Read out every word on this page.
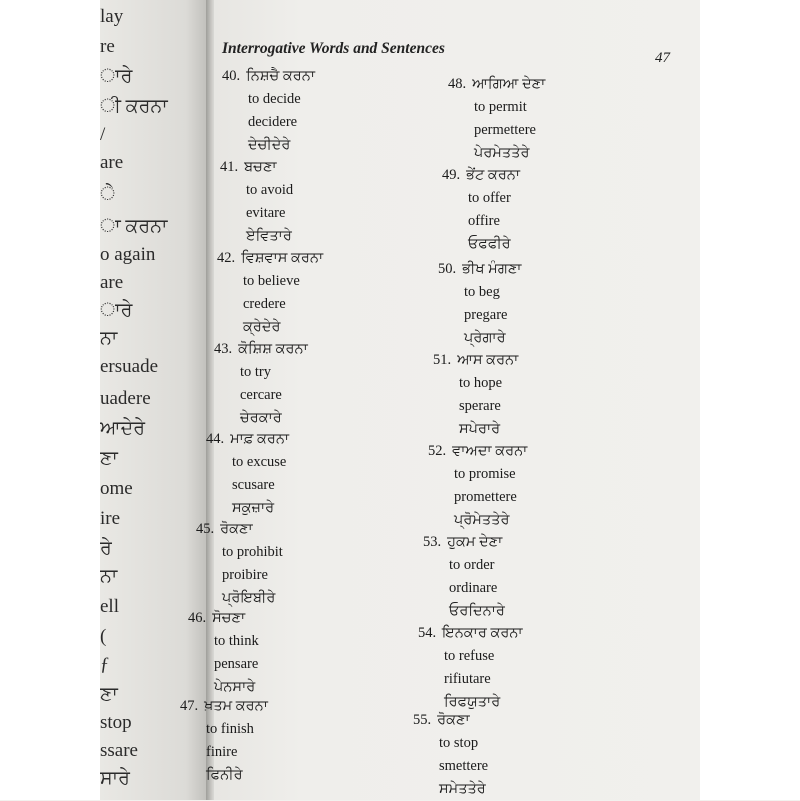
lay
re
ਾਰੇ
ੀ ਕਰਨਾ
/
are
ੇ
ਾ ਕਰਨਾ
o again
are
ਾਰੇ
ਨਾ
ersuade
uadere
ਆਦੇਰੇ
ਣਾ
ome
ire
ਰੇ
ਨਾ
ell
(
ƒ
ਣਾ
stop
ssare
ਸਾਰੇ
Interrogative Words and Sentences
47
40. ਨਿਸ਼ਚੈ ਕਰਨਾ
to decide
decidere
ਦੇਚੀਦੇਰੇ
41. ਬਚਣਾ
to avoid
evitare
ਏਵਿਤਾਰੇ
42. ਵਿਸ਼ਵਾਸ ਕਰਨਾ
to believe
credere
ਕ੍ਰੇਦੇਰੇ
43. ਕੋਸ਼ਿਸ਼ ਕਰਨਾ
to try
cercare
ਚੇਰਕਾਰੇ
44. ਮਾਫ਼ ਕਰਨਾ
to excuse
scusare
ਸਕੁਜ਼ਾਰੇ
45. ਰੋਕਣਾ
to prohibit
proibire
ਪ੍ਰੋਇਬੀਰੇ
46. ਸੋਚਣਾ
to think
pensare
ਪੇਨਸਾਰੇ
47. ਖ਼ਤਮ ਕਰਨਾ
to finish
finire
ਫਿਨੀਰੇ
48. ਆਗਿਆ ਦੇਣਾ
to permit
permettere
ਪੇਰਮੇਤਤੇਰੇ
49. ਭੇਂਟ ਕਰਨਾ
to offer
offire
ਓਫਫੀਰੇ
50. ਭੀਖ ਮੰਗਣਾ
to beg
pregare
ਪ੍ਰੇਗਾਰੇ
51. ਆਸ ਕਰਨਾ
to hope
sperare
ਸਪੇਰਾਰੇ
52. ਵਾਅਦਾ ਕਰਨਾ
to promise
promettere
ਪ੍ਰੋਮੇਤਤੇਰੇ
53. ਹੁਕਮ ਦੇਣਾ
to order
ordinare
ਓਰਦਿਨਾਰੇ
54. ਇਨਕਾਰ ਕਰਨਾ
to refuse
rifiutare
ਰਿਫਯੁਤਾਰੇ
55. ਰੋਕਣਾ
to stop
smettere
ਸਮੇਤਤੇਰੇ
